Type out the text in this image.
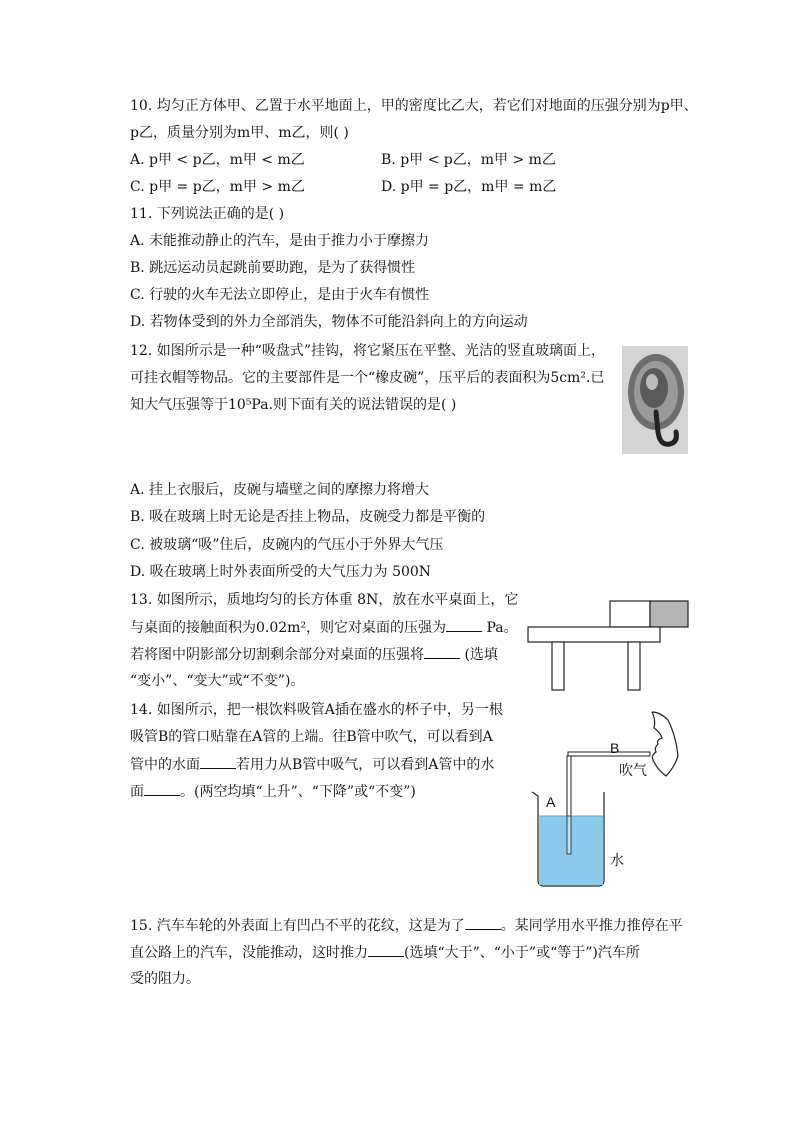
10. 均匀正方体甲、乙置于水平地面上，甲的密度比乙大，若它们对地面的压强分别为p甲、
p乙，质量分别为m甲、m乙，则( )
A. p甲 < p乙，m甲 < m乙	B. p甲 < p乙，m甲 > m乙
C. p甲 = p乙，m甲 > m乙	D. p甲 = p乙，m甲 = m乙
11. 下列说法正确的是( )
A. 未能推动静止的汽车，是由于推力小于摩擦力
B. 跳远运动员起跳前要助跑，是为了获得惯性
C. 行驶的火车无法立即停止，是由于火车有惯性
D. 若物体受到的外力全部消失，物体不可能沿斜向上的方向运动
12. 如图所示是一种“吸盘式”挂钩，将它紧压在平整、光洁的竖直玻璃面上，
可挂衣帽等物品。它的主要部件是一个“橡皮碗”，压平后的表面积为5cm².已
知大气压强等于10⁵Pa.则下面有关的说法错误的是( )
A. 挂上衣服后，皮碗与墙壁之间的摩擦力将增大
B. 吸在玻璃上时无论是否挂上物品，皮碗受力都是平衡的
C. 被玻璃“吸”住后，皮碗内的气压小于外界大气压
D. 吸在玻璃上时外表面所受的大气压力为 500N
13. 如图所示，质地均匀的长方体重 8N，放在水平桌面上，它
与桌面的接触面积为0.02m²，则它对桌面的压强为	Pa。
若将图中阴影部分切割剩余部分对桌面的压强将	(选填
“变小”、“变大”或“不变”)。
14. 如图所示，把一根饮料吸管A插在盛水的杯子中，另一根
吸管B的管口贴靠在A管的上端。往B管中吹气，可以看到A
管中的水面	若用力从B管中吸气，可以看到A管中的水
面	。(两空均填“上升”、“下降”或“不变”)
B
吹气
A
水
15. 汽车车轮的外表面上有凹凸不平的花纹，这是为了	。某同学用水平推力推停在平
直公路上的汽车，没能推动，这时推力	(选填“大于”、“小于”或“等于”)汽车所
受的阻力。
